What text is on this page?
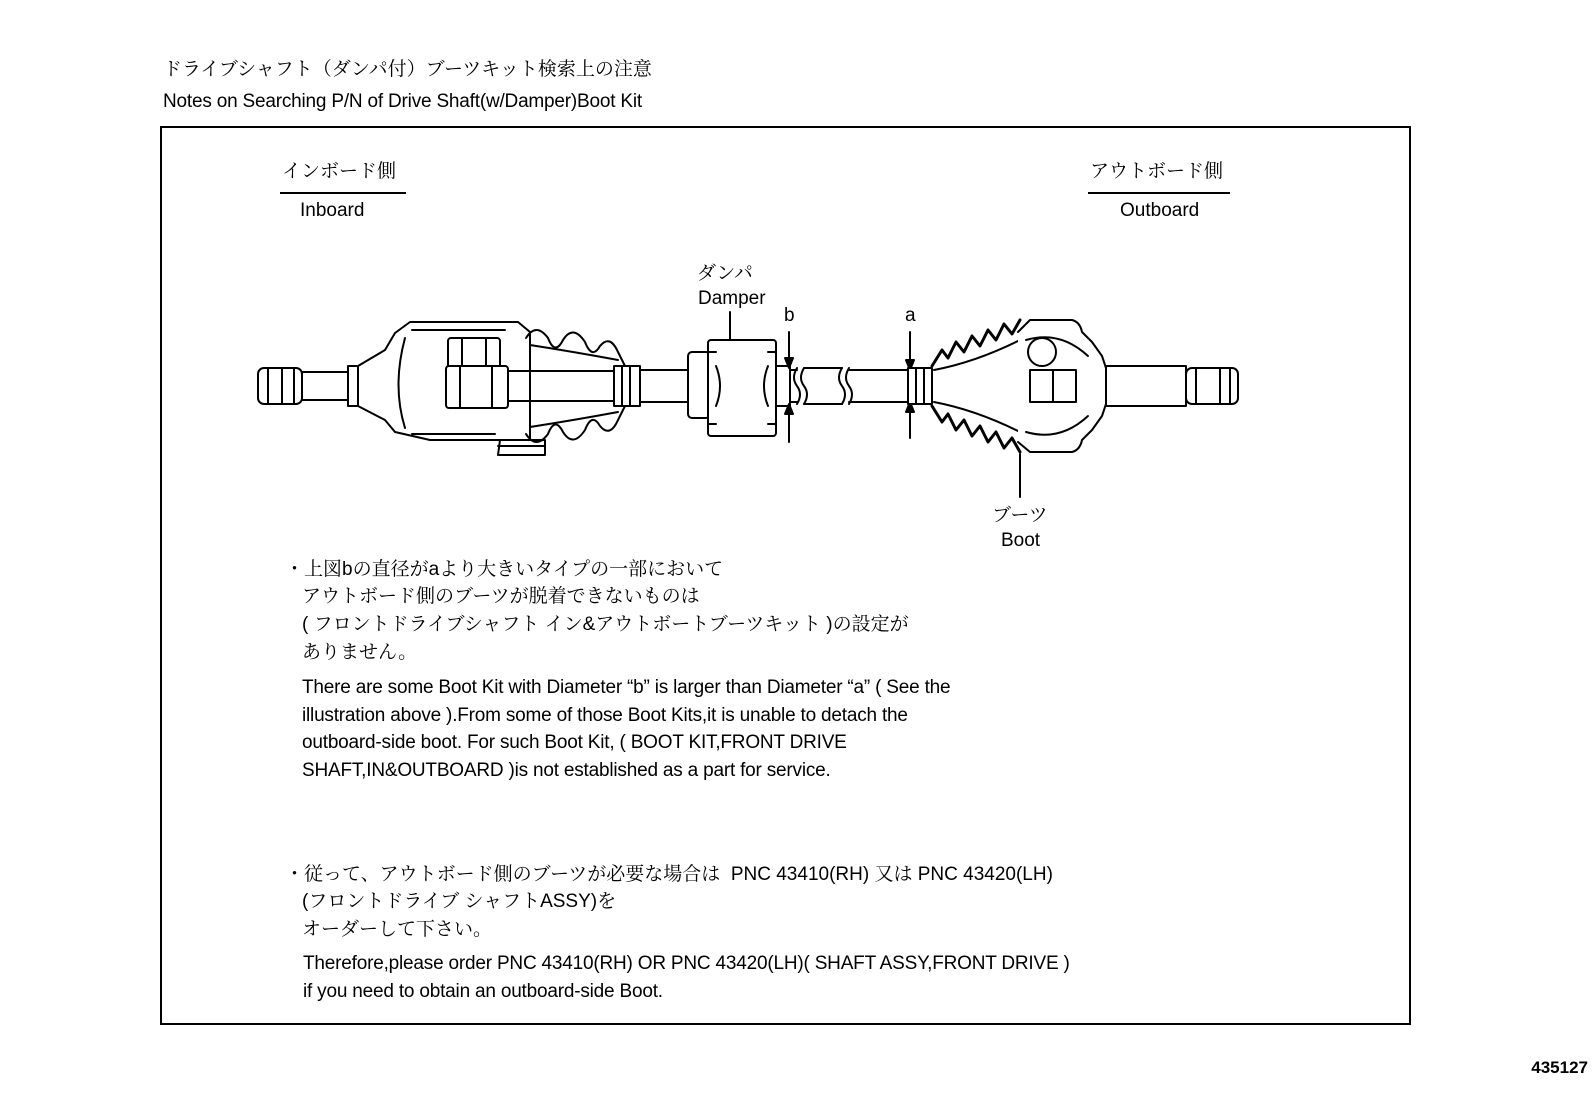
ドライブシャフト（ダンパ付）ブーツキット検索上の注意
Notes on Searching P/N of Drive Shaft(w/Damper)Boot Kit
インボード側
Inboard
アウトボード側
Outboard
ダンパ
Damper
b	a
ブーツ
Boot
・上図bの直径がaより大きいタイプの一部において
アウトボード側のブーツが脱着できないものは
( フロントドライブシャフト イン&アウトボートブーツキット )の設定が
ありません。
There are some Boot Kit with Diameter “b” is larger than Diameter “a” ( See the
illustration above ).From some of those Boot Kits,it is unable to detach the
outboard-side boot. For such Boot Kit, ( BOOT KIT,FRONT DRIVE
SHAFT,IN&OUTBOARD )is not established as a part for service.
・従って、アウトボード側のブーツが必要な場合は  PNC 43410(RH) 又は PNC 43420(LH)
(フロントドライブ シャフトASSY)を
オーダーして下さい。
Therefore,please order PNC 43410(RH) OR PNC 43420(LH)( SHAFT ASSY,FRONT DRIVE )
if you need to obtain an outboard-side Boot.
435127
